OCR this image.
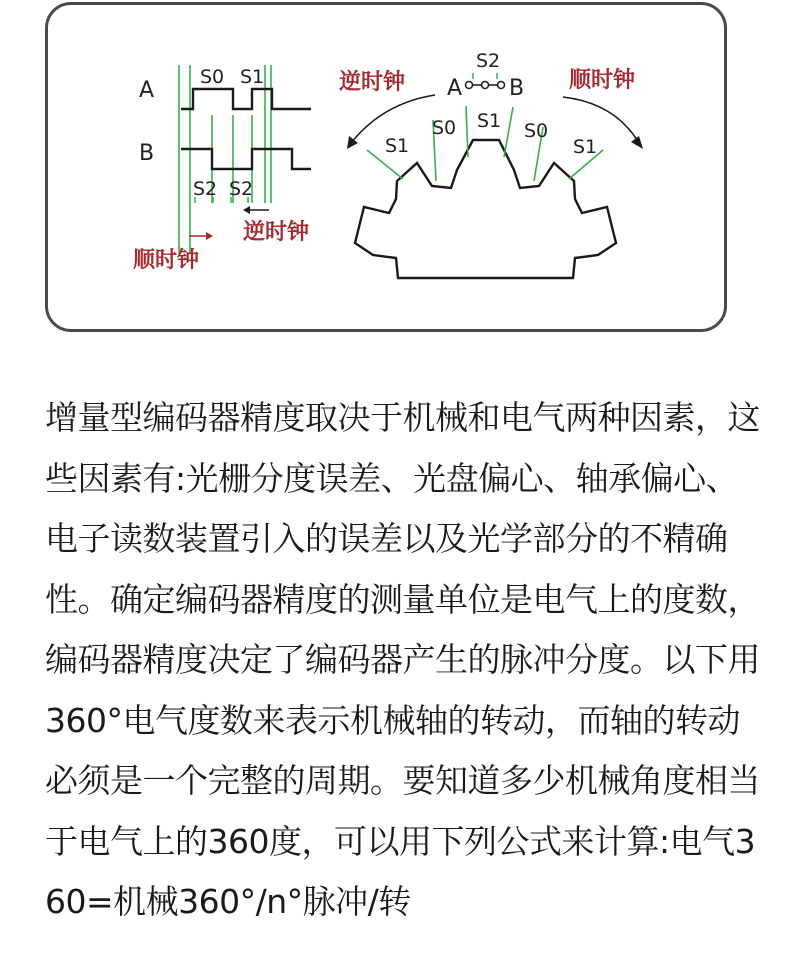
A
B
S0 S1
S2 S2
逆时钟
顺时钟
S1
S0 S1 S0
S1
A B
S2
逆时钟	顺时钟
增量型编码器精度取决于机械和电气两种因素，这些因素有:光栅分度误差、光盘偏心、轴承偏心、电子读数装置引入的误差以及光学部分的不精确性。确定编码器精度的测量单位是电气上的度数，编码器精度决定了编码器产生的脉冲分度。以下用360°电气度数来表示机械轴的转动，而轴的转动必须是一个完整的周期。要知道多少机械角度相当于电气上的360度，可以用下列公式来计算:电气360=机械360°/n°脉冲/转
